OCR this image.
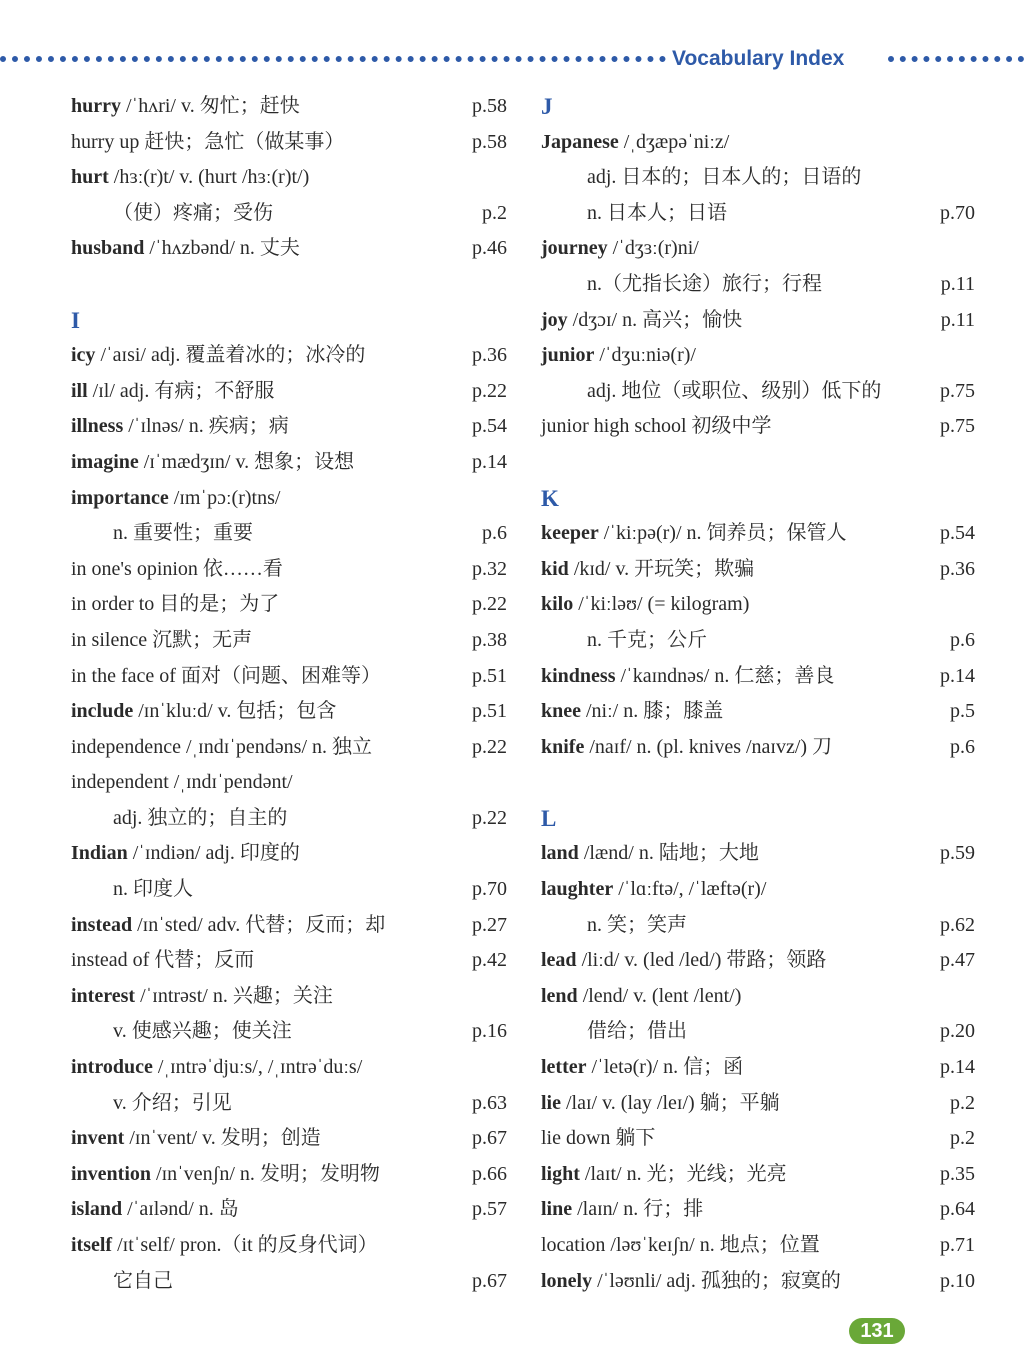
Vocabulary Index
hurry /ˈhʌri/ v. 匆忙；赶快	p.58
hurry up 赶快；急忙（做某事）	p.58
hurt /hɜː(r)t/ v. (hurt /hɜː(r)t/)
（使）疼痛；受伤	p.2
husband /ˈhʌzbənd/ n. 丈夫	p.46
I
icy /ˈaɪsi/ adj. 覆盖着冰的；冰冷的	p.36
ill /ɪl/ adj. 有病；不舒服	p.22
illness /ˈɪlnəs/ n. 疾病；病	p.54
imagine /ɪˈmædʒɪn/ v. 想象；设想	p.14
importance /ɪmˈpɔː(r)tns/
n. 重要性；重要	p.6
in one's opinion 依……看	p.32
in order to 目的是；为了	p.22
in silence 沉默；无声	p.38
in the face of 面对（问题、困难等）	p.51
include /ɪnˈkluːd/ v. 包括；包含	p.51
independence /ˌɪndɪˈpendəns/ n. 独立	p.22
independent /ˌɪndɪˈpendənt/
adj. 独立的；自主的	p.22
Indian /ˈɪndiən/ adj. 印度的
n. 印度人	p.70
instead /ɪnˈsted/ adv. 代替；反而；却	p.27
instead of 代替；反而	p.42
interest /ˈɪntrəst/ n. 兴趣；关注
v. 使感兴趣；使关注	p.16
introduce /ˌɪntrəˈdjuːs/, /ˌɪntrəˈduːs/
v. 介绍；引见	p.63
invent /ɪnˈvent/ v. 发明；创造	p.67
invention /ɪnˈvenʃn/ n. 发明；发明物	p.66
island /ˈaɪlənd/ n. 岛	p.57
itself /ɪtˈself/ pron.（it 的反身代词）
它自己	p.67
J
Japanese /ˌdʒæpəˈniːz/
adj. 日本的；日本人的；日语的
n. 日本人；日语	p.70
journey /ˈdʒɜː(r)ni/
n.（尤指长途）旅行；行程	p.11
joy /dʒɔɪ/ n. 高兴；愉快	p.11
junior /ˈdʒuːniə(r)/
adj. 地位（或职位、级别）低下的	p.75
junior high school 初级中学	p.75
K
keeper /ˈkiːpə(r)/ n. 饲养员；保管人	p.54
kid /kɪd/ v. 开玩笑；欺骗	p.36
kilo /ˈkiːləʊ/ (= kilogram)
n. 千克；公斤	p.6
kindness /ˈkaɪndnəs/ n. 仁慈；善良	p.14
knee /niː/ n. 膝；膝盖	p.5
knife /naɪf/ n. (pl. knives /naɪvz/) 刀	p.6
L
land /lænd/ n. 陆地；大地	p.59
laughter /ˈlɑːftə/, /ˈlæftə(r)/
n. 笑；笑声	p.62
lead /liːd/ v. (led /led/) 带路；领路	p.47
lend /lend/ v. (lent /lent/)
借给；借出	p.20
letter /ˈletə(r)/ n. 信；函	p.14
lie /laɪ/ v. (lay /leɪ/) 躺；平躺	p.2
lie down 躺下	p.2
light /laɪt/ n. 光；光线；光亮	p.35
line /laɪn/ n. 行；排	p.64
location /ləʊˈkeɪʃn/ n. 地点；位置	p.71
lonely /ˈləʊnli/ adj. 孤独的；寂寞的	p.10
131
